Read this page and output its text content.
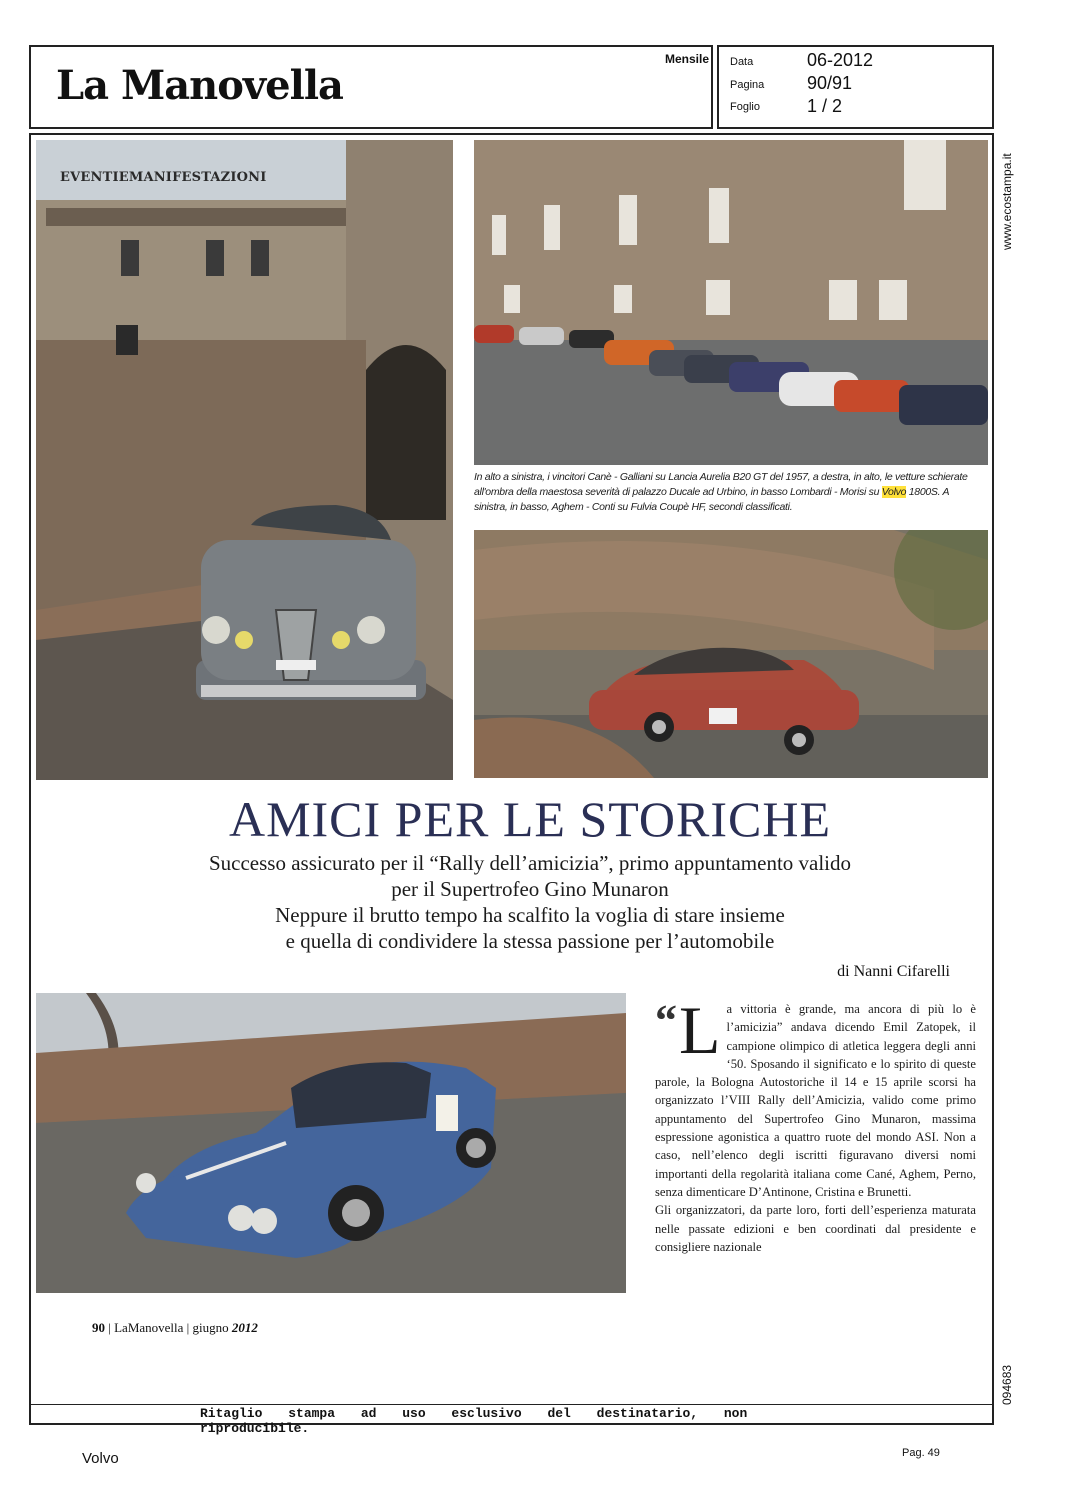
La Manovella
Mensile Data	06-2012
Pagina 90/91
Foglio	1 / 2
www.ecostampa.it
094683
EVENTIEMANIFESTAZIONI
In alto a sinistra, i vincitori Canè - Galliani su Lancia Aurelia B20 GT del 1957, a destra, in alto, le vetture schierate all'ombra della maestosa severità di palazzo Ducale ad Urbino, in basso Lombardi - Morisi su Volvo 1800S. A sinistra, in basso, Aghem - Conti su Fulvia Coupè HF, secondi classificati.
AMICI PER LE STORICHE
Successo assicurato per il “Rally dell’amicizia”, primo appuntamento valido
per il Supertrofeo Gino Munaron
Neppure il brutto tempo ha scalfito la voglia di stare insieme
e quella di condividere la stessa passione per l’automobile
di Nanni Cifarelli
“ L a vittoria è grande, ma ancora di più lo è l’amicizia” andava dicendo Emil Zatopek, il campione olimpico di atletica leggera degli anni ‘50. Sposando il significato e lo spirito di queste parole, la Bologna Autostoriche il 14 e 15 aprile scorsi ha organizzato l’VIII Rally dell’Amicizia, valido come primo appuntamento del Supertrofeo Gino Munaron, massima espressione agonistica a quattro ruote del mondo ASI. Non a caso, nell’elenco degli iscritti figuravano diversi nomi importanti della regolarità italiana come Cané, Aghem, Perno, senza dimenticare D’Antinone, Cristina e Brunetti.
Gli organizzatori, da parte loro, forti dell’esperienza maturata nelle passate edizioni e ben coordinati dal presidente e consigliere nazionale
90 | LaManovella | giugno 2012
Ritaglio stampa ad uso esclusivo del destinatario, non riproducibile.
Volvo	Pag. 49
